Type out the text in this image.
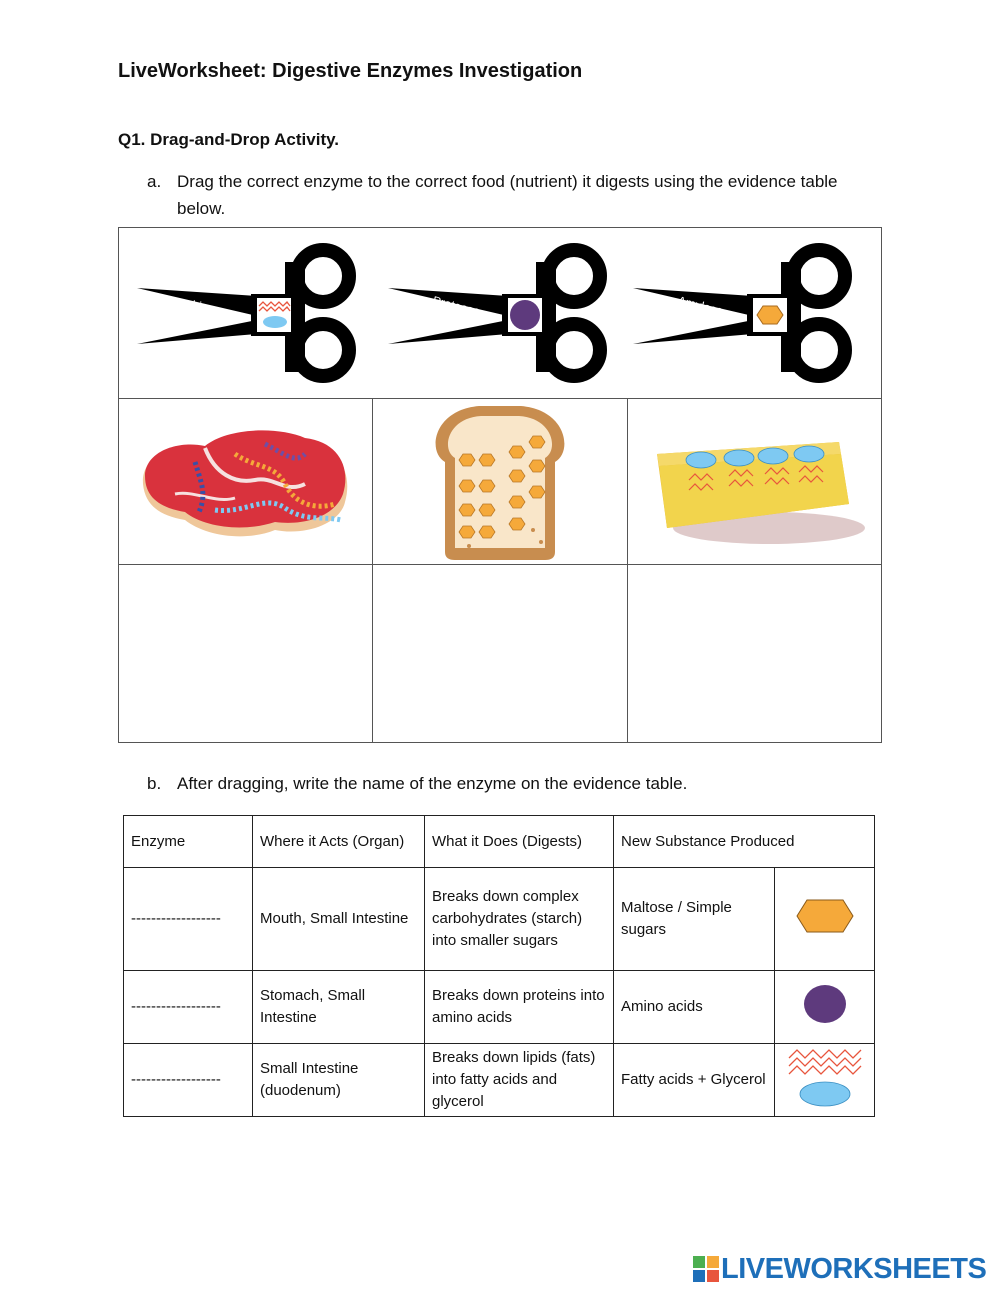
LiveWorksheet: Digestive Enzymes Investigation
Q1. Drag-and-Drop Activity.
a. Drag the correct enzyme to the correct food (nutrient) it digests using the evidence table below.
Lipase	Protease	Amylase
b. After dragging, write the name of the enzyme on the evidence table.
Enzyme	Where it Acts (Organ)	What it Does (Digests)	New Substance Produced	
------------------	Mouth, Small Intestine	Breaks down complex carbohydrates (starch) into smaller sugars	Maltose / Simple sugars	
------------------	Stomach, Small Intestine	Breaks down proteins into amino acids	Amino acids	
------------------	Small Intestine (duodenum)	Breaks down lipids (fats) into fatty acids and glycerol	Fatty acids + Glycerol	
LIVEWORKSHEETS
